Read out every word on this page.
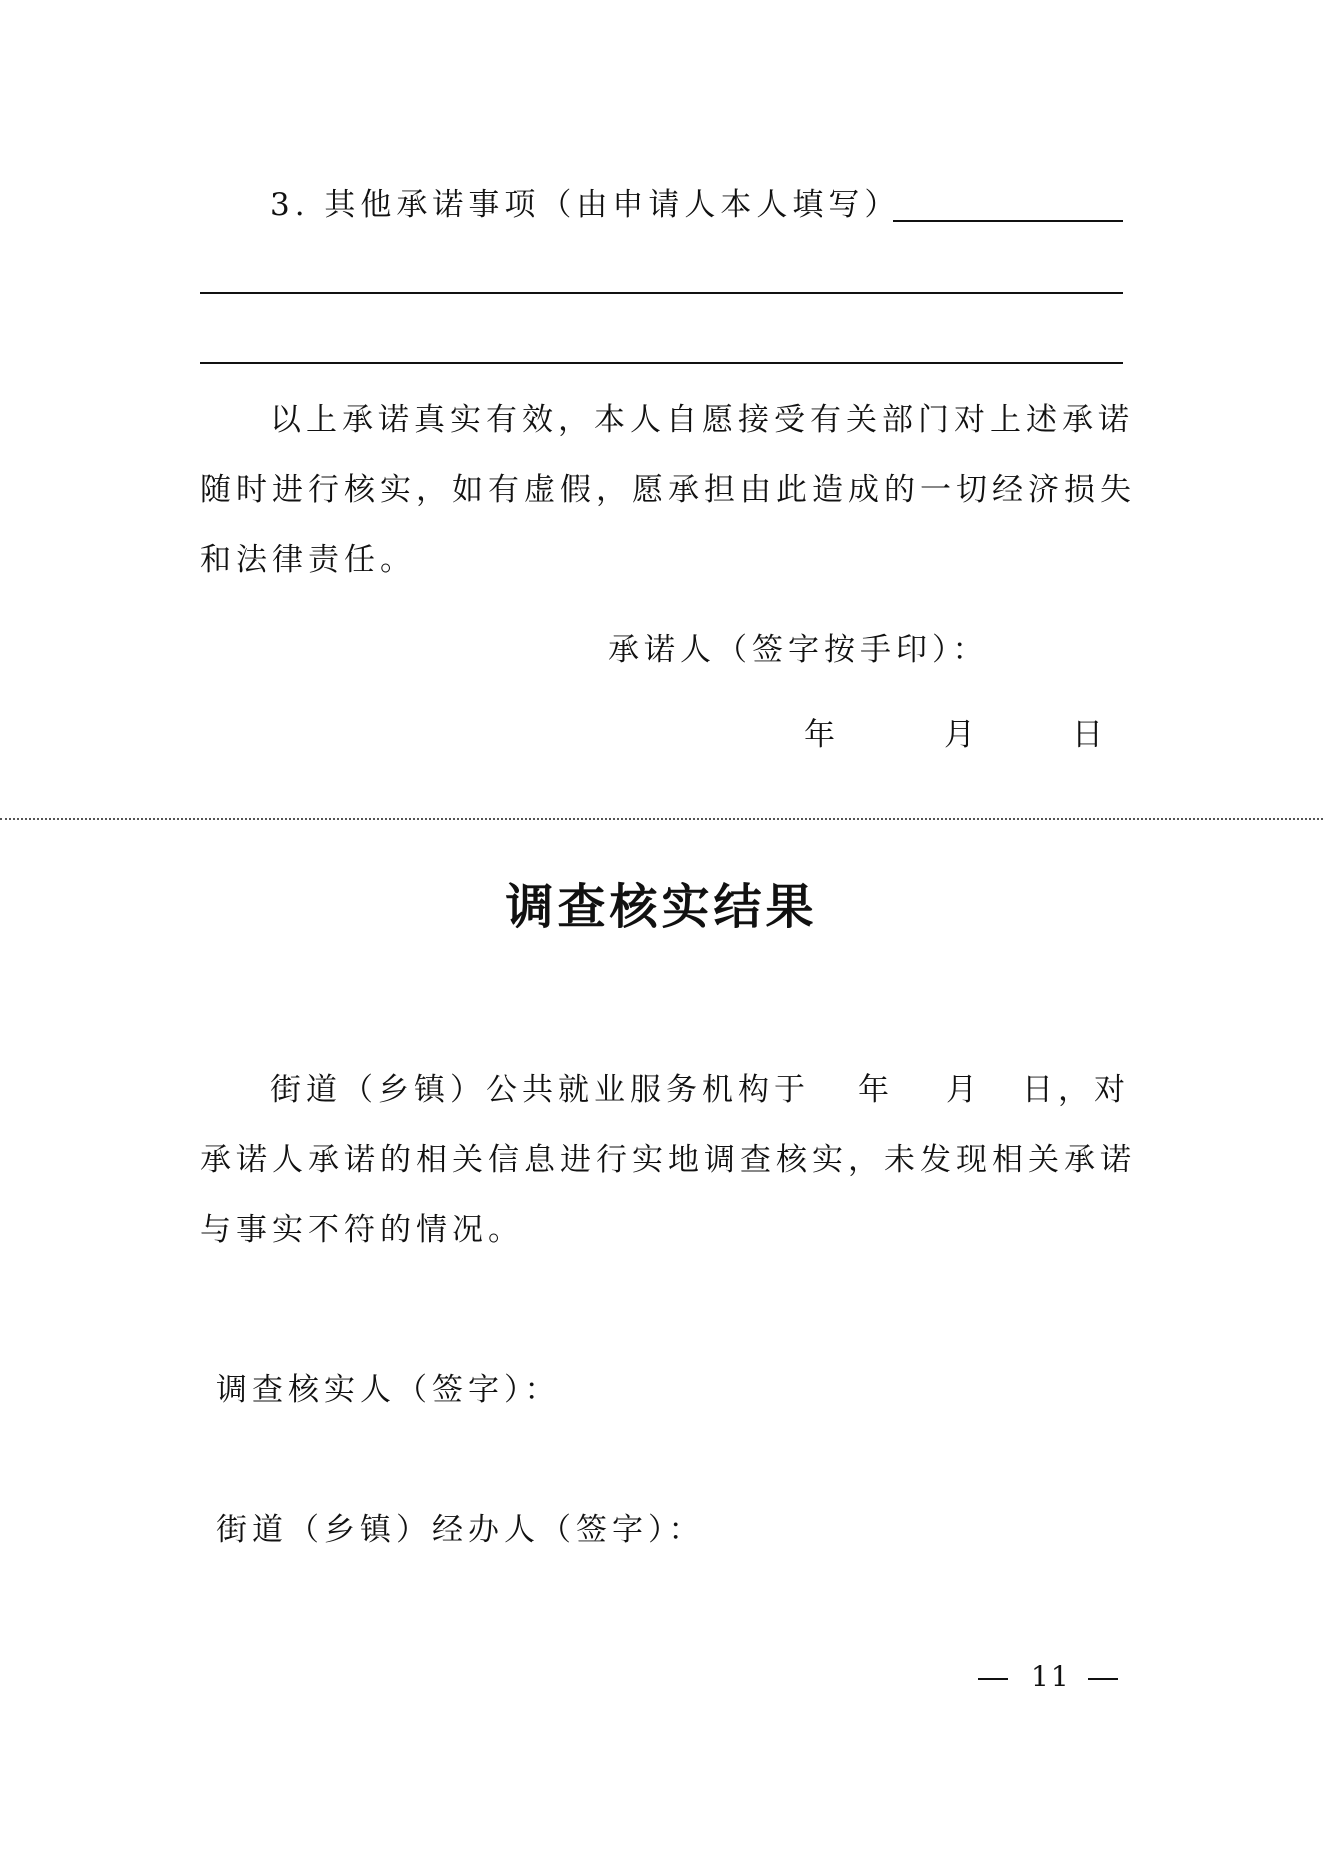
3. 其他承诺事项（由申请人本人填写）
以上承诺真实有效，本人自愿接受有关部门对上述承诺
随时进行核实，如有虚假，愿承担由此造成的一切经济损失
和法律责任。
承诺人（签字按手印）：
年	月	日
调查核实结果
街道（乡镇）公共就业服务机构于 年 月 日，对
承诺人承诺的相关信息进行实地调查核实，未发现相关承诺
与事实不符的情况。
调查核实人（签字）：
街道（乡镇）经办人（签字）：
11
